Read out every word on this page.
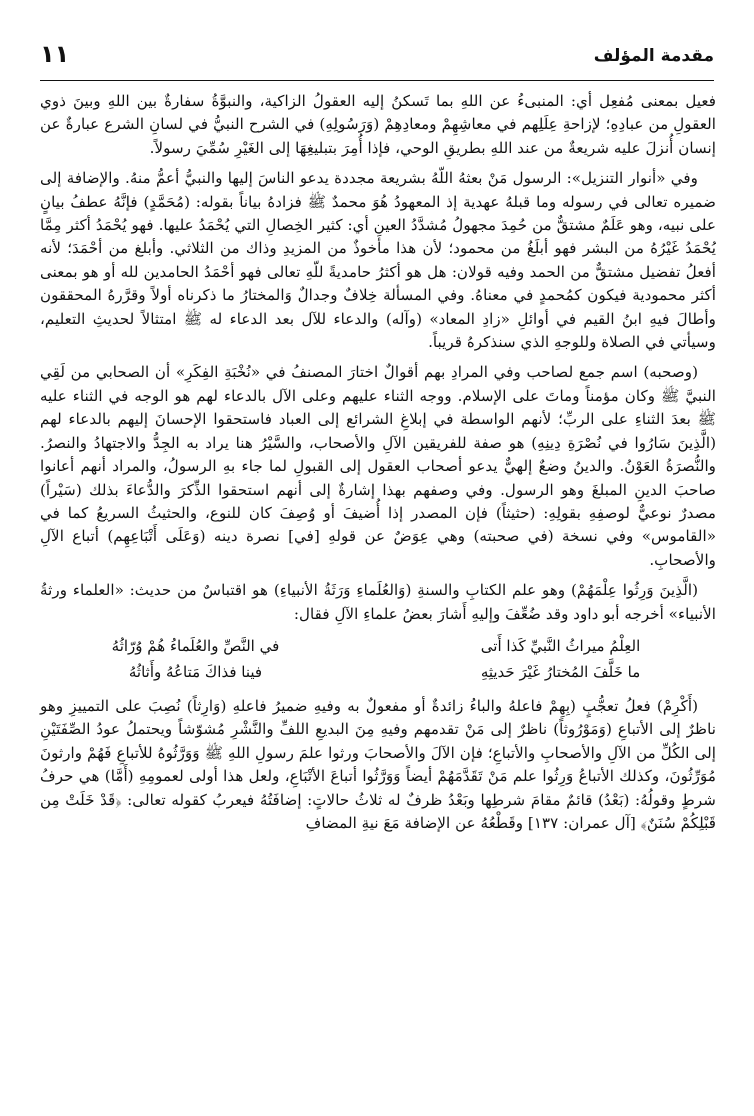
١١	مقدمة المؤلف

فعيل بمعنى مُفعِل أي: المنبىءُ عن اللهِ بما تَسكنُ إليه العقولُ الزاكية، والنبوَّةُ سفارةٌ بين اللهِ وبينَ ذوي العقولِ من عبادِهِ؛ لإزاحةِ عِلَلِهم في معاشِهِمْ ومعادِهِمْ (وَرَسُولِهِ) في الشرح النبيُّ في لسانِ الشرع عبارةٌ عن إنسان أُنزلَ عليه شريعةٌ من عند اللهِ بطريقِ الوحي، فإذا أُمِرَ بتبليغِهَا إلى الغَيْرِ سُمِّيَ رسولاً.

وفي «أنوار التنزيل»: الرسول مَنْ بعثهُ اللّهُ بشريعة مجددة يدعو الناسَ إليها والنبيُّ أعمُّ منهُ. والإضافة إلى ضميره تعالى في رسوله وما قبلهُ عهدية إذ المعهودُ هُوَ محمدٌ ﷺ فزادهُ بياناً بقوله: (مُحَمَّدٍ) فإنَّهُ عطفُ بيانٍ على نبيه، وهو عَلَمٌ مشتقٌّ من حُمِدَ مجهولُ مُشدَّدُ العينِ أي: كثير الخِصالِ التي يُحْمَدُ عليها. فهو يُحْمَدُ أكثر مِمَّا يُحْمَدُ غَيْرُهُ من البشر فهو أبلَغُ من محمود؛ لأن هذا مأخوذٌ من المزيدِ وذاك من الثلاثي. وأبلغ من أحْمَدَ؛ لأنه أفعلُ تفضيل مشتقٌّ من الحمد وفيه قولان: هل هو أكثرُ حامديةً للّهِ تعالى فهو أحْمَدُ الحامدين لله أو هو بمعنى أكثر محمودية فيكون كمُحمدٍ في معناهُ. وفي المسألة خِلافٌ وجدالٌ وَالمختارُ ما ذكرناه أولاً وقرَّرهُ المحققون وأطالَ فيهِ ابنُ القيم في أوائلِ «زادِ المعاد» (وآله) والدعاء للآل بعد الدعاء له ﷺ امتثالاً لحديثِ التعليم، وسيأتي في الصلاة وللوجهِ الذي سنذكرهُ قريباً.

(وصحبه) اسم جمع لصاحب وفي المرادِ بهم أقوالٌ اختارَ المصنفُ في «نُخْبَةِ الفِكَرِ» أن الصحابي من لَقِي النبيَّ ﷺ وكان مؤمناً وماتَ على الإسلام. ووجه الثناء عليهم وعلى الآل بالدعاء لهم هو الوجه في الثناء عليه ﷺ بعدَ الثناءِ على الربِّ؛ لأنهم الواسطة في إبلاغِ الشرائع إلى العباد فاستحقوا الإحسانَ إليهم بالدعاء لهم (الَّذِينَ سَارُوا في نُصْرَةِ دِينِهِ) هو صفة للفريقين الآلِ والأصحاب، والسَّيْرُ هنا يراد به الجِدُّ والاجتهادُ والنصرُ. والنُّصرَةُ العَوْنُ. والدينُ وضعٌ إلهيٌّ يدعو أصحاب العقول إلى القبولِ لما جاء بهِ الرسولُ، والمراد أنهم أعانوا صاحبَ الدينِ المبلغَ وهو الرسول. وفي وصفهم بهذا إشارةٌ إلى أنهم استحقوا الذِّكرَ والدُّعاءَ بذلك (سَيْراً) مصدرٌ نوعيٌّ لوصفِهِ بقولِهِ: (حثيثاً) فإن المصدر إذا أُضيفَ أو وُصِفَ كان للنوع، والحثيثُ السريعُ كما في «القاموس» وفي نسخة (في صحبته) وهي عِوَضٌ عن قولهِ [في] نصرة دينه (وَعَلَى أَتْبَاعِهِم) أتباع الآلِ والأصحابِ.

(الَّذِينَ وَرِثُوا عِلْمَهُمْ) وهو علم الكتابِ والسنةِ (وَالعُلَماءِ وَرَثَةُ الأنبياءِ) هو اقتباسٌ من حديث: «العلماء ورثةُ الأنبياء» أخرجه أبو داود وقد ضُعِّفَ وإليهِ أَشارَ بعضُ علماءِ الآلِ فقال:

العِلْمُ ميراثُ النَّبيِّ كَذا أَتى
في النَّصِّ والعُلَماءُ هُمْ وُرّاثُهُ
ما خَلَّفَ المُختارُ غَيْرَ حَديثِهِ
فينا فذاكَ مَتاعُهُ وأَثاثُهُ

(أَكْرِمْ) فعلُ تعجُّبٍ (بِهِمْ فاعلهُ والباءُ زائدةٌ أو مفعولٌ به وفيهِ ضميرُ فاعلهِ (وَارِثاً) نُصِبَ على التمييزِ وهو ناظرٌ إلى الأتباعِ (وَمَوْرُوثاً) ناظرٌ إلى مَنْ تقدمهم وفيهِ مِنَ البديعِ اللفِّ والنَّشْرِ مُشوّشاً ويحتملُ عودُ الصِّفَتَيْنِ إلى الكُلِّ من الآلِ والأصحابِ والأتباعِ؛ فإن الآلَ والأصحابَ ورثوا علمَ رسولِ اللهِ ﷺ وَوَرَّثُوهُ للأتباعِ فَهُمْ وارثونَ مُوَرِّثُونَ، وكذلك الأتباعُ وَرِثُوا علم مَنْ تَقَدَّمَهُمْ أيضاً وَوَرَّثُوا أتباعَ الأتْبَاعِ، ولعل هذا أولى لعمومِهِ (أَمَّا) هي حرفُ شرطٍ وقولُهُ: (بَعْدُ) قائمٌ مقامَ شرطِها وبَعْدُ ظرفٌ له ثلاثُ حالاتٍ: إضافَتُهُ فيعربُ كقوله تعالى: ﴿قَدْ خَلَتْ مِن قَبْلِكُمْ سُنَنٌ﴾ [آل عمران: ١٣٧] وقَطْعُهُ عن الإضافة مَعَ نيةِ المضافِ
